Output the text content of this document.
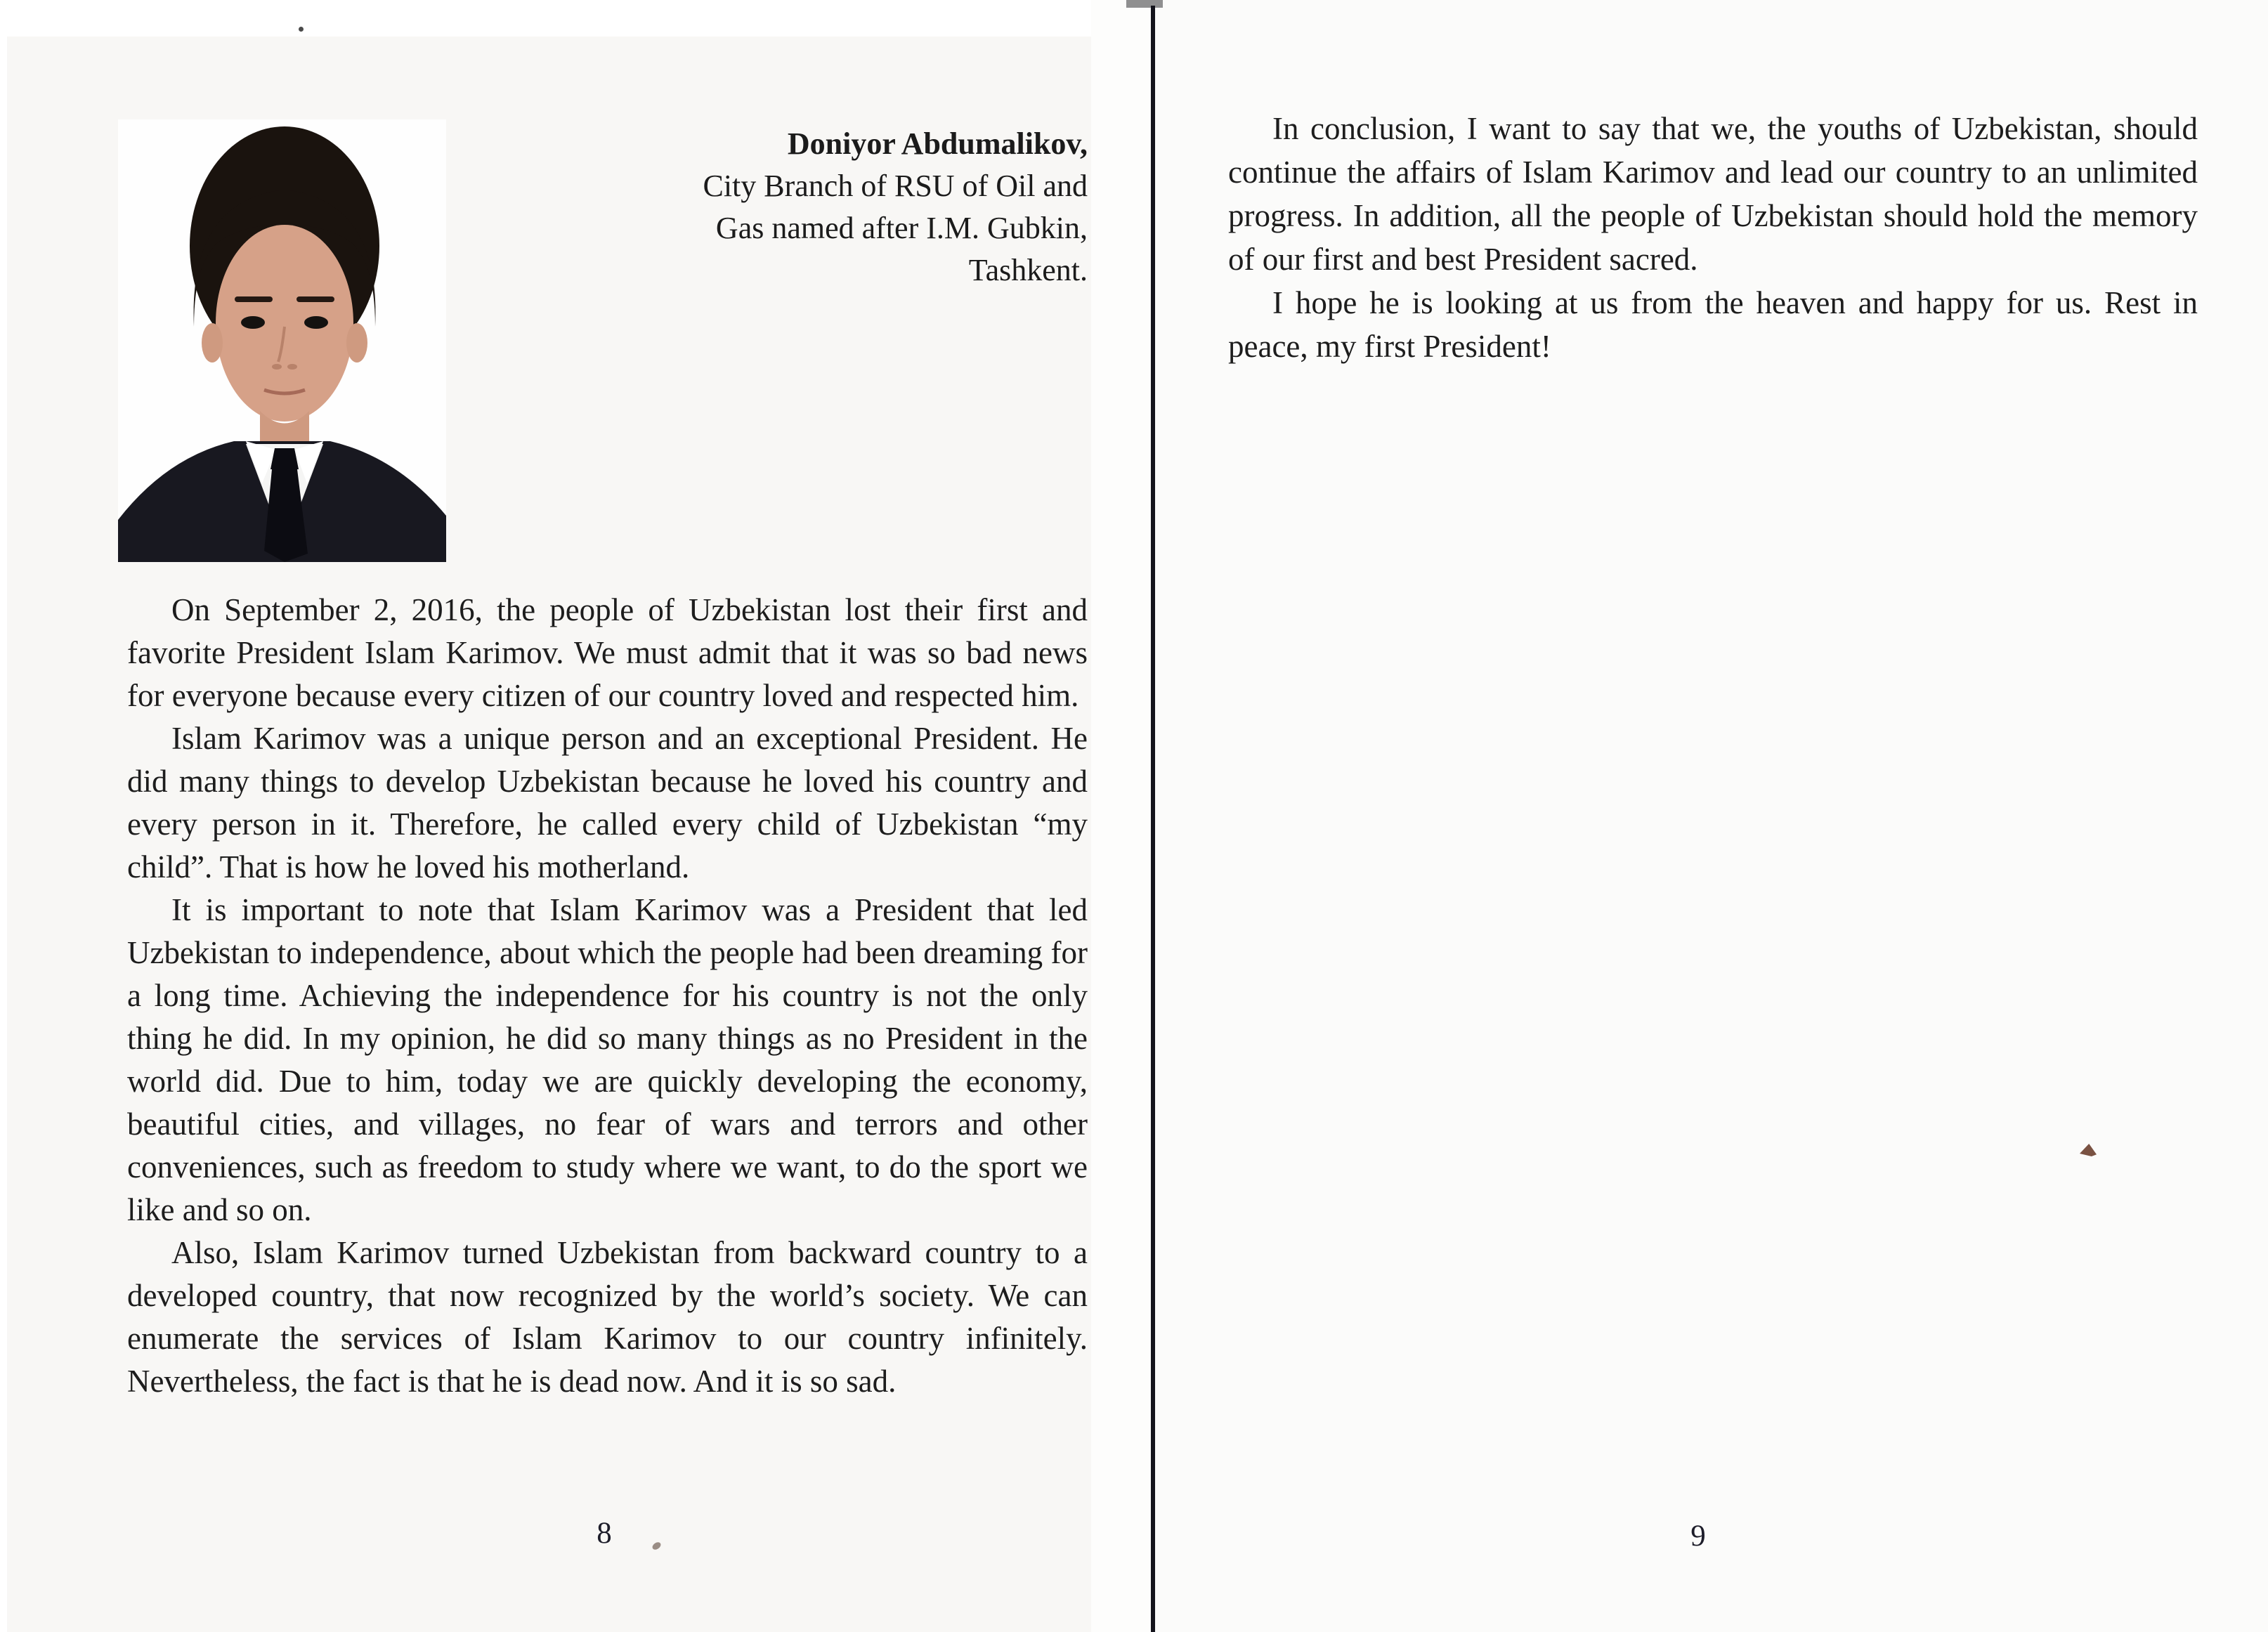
Doniyor Abdumalikov,
City Branch of RSU of Oil and
Gas named after I.M. Gubkin,
Tashkent.

On September 2, 2016, the people of Uzbekistan lost their first and favorite President Islam Karimov. We must admit that it was so bad news for everyone because every citizen of our country loved and respected him.

Islam Karimov was a unique person and an exceptional President. He did many things to develop Uzbekistan because he loved his country and every person in it. Therefore, he called every child of Uzbekistan “my child”. That is how he loved his motherland.

It is important to note that Islam Karimov was a President that led Uzbekistan to independence, about which the people had been dreaming for a long time. Achieving the independence for his country is not the only thing he did. In my opinion, he did so many things as no President in the world did. Due to him, today we are quickly developing the economy, beautiful cities, and villages, no fear of wars and terrors and other conveniences, such as freedom to study where we want, to do the sport we like and so on.

Also, Islam Karimov turned Uzbekistan from backward country to a developed country, that now recognized by the world’s society. We can enumerate the services of Islam Karimov to our country infinitely. Nevertheless, the fact is that he is dead now. And it is so sad.

In conclusion, I want to say that we, the youths of Uzbekistan, should continue the affairs of Islam Karimov and lead our country to an unlimited progress. In addition, all the people of Uzbekistan should hold the memory of our first and best President sacred.

I hope he is looking at us from the heaven and happy for us. Rest in peace, my first President!

8	9
